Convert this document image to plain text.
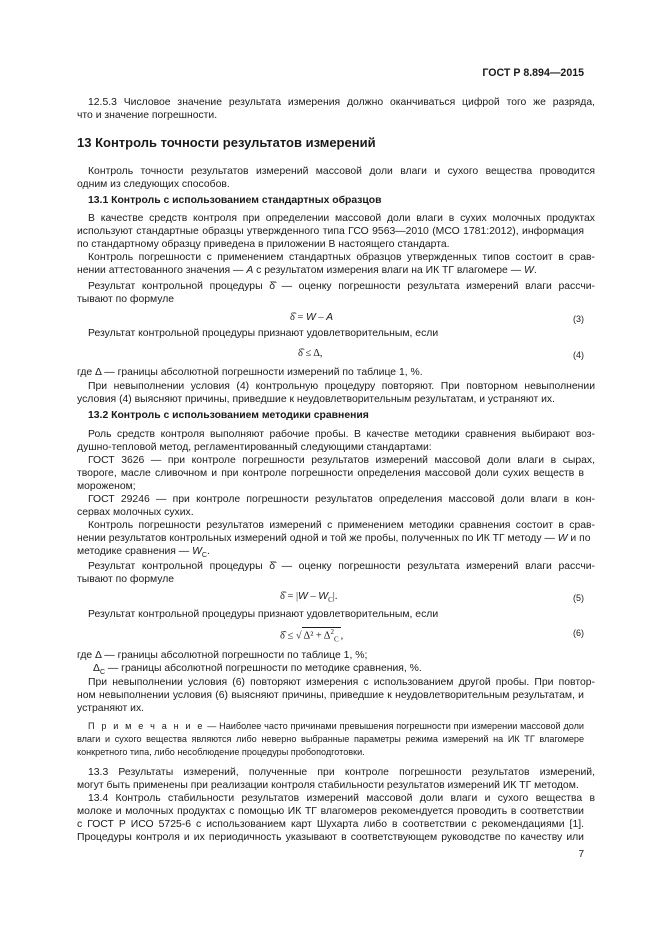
ГОСТ Р 8.894—2015
12.5.3 Числовое значение результата измерения должно оканчиваться цифрой того же разряда,
что и значение погрешности.
13 Контроль точности результатов измерений
Контроль точности результатов измерений массовой доли влаги и сухого вещества проводится
одним из следующих способов.
13.1 Контроль с использованием стандартных образцов
В качестве средств контроля при определении массовой доли влаги в сухих молочных продуктах
используют стандартные образцы утвержденного типа ГСО 9563—2010 (МСО 1781:2012), информация
по стандартному образцу приведена в приложении В настоящего стандарта.
Контроль погрешности с применением стандартных образцов утвержденных типов состоит в срав-
нении аттестованного значения — A с результатом измерения влаги на ИК ТГ влагомере — W.
Результат контрольной процедуры δ̂ — оценку погрешности результата измерений влаги рассчи-
тывают по формуле
δ̂ = W – A	(3)
Результат контрольной процедуры признают удовлетворительным, если
δ̂ ≤ Δ,	(4)
где Δ — границы абсолютной погрешности измерений по таблице 1, %.
При невыполнении условия (4) контрольную процедуру повторяют. При повторном невыполнении
условия (4) выясняют причины, приведшие к неудовлетворительным результатам, и устраняют их.
13.2 Контроль с использованием методики сравнения
Роль средств контроля выполняют рабочие пробы. В качестве методики сравнения выбирают воз-
душно-тепловой метод, регламентированный следующими стандартами:
ГОСТ 3626 — при контроле погрешности результатов измерений массовой доли влаги в сырах,
твороге, масле сливочном и при контроле погрешности определения массовой доли сухих веществ в
мороженом;
ГОСТ 29246 — при контроле погрешности результатов определения массовой доли влаги в кон-
сервах молочных сухих.
Контроль погрешности результатов измерений с применением методики сравнения состоит в срав-
нении результатов контрольных измерений одной и той же пробы, полученных по ИК ТГ методу — W и по
методике сравнения — $W_C$.
Результат контрольной процедуры δ̂ — оценку погрешности результата измерений влаги рассчи-
тывают по формуле
δ̂ = $|W - W_C|$.	(5)
Результат контрольной процедуры признают удовлетворительным, если
δ̂ ≤ √ $\Delta^2 + \Delta^2_C$ ,	(6)
где Δ — границы абсолютной погрешности по таблице 1, %;
$\Delta_C$ — границы абсолютной погрешности по методике сравнения, %.
При невыполнении условия (6) повторяют измерения с использованием другой пробы. При повтор-
ном невыполнении условия (6) выясняют причины, приведшие к неудовлетворительным результатам, и
устраняют их.
П р и м е ч а н и е — Наиболее часто причинами превышения погрешности при измерении массовой доли
влаги и сухого вещества являются либо неверно выбранные параметры режима измерений на ИК ТГ влагомере
конкретного типа, либо несоблюдение процедуры пробоподготовки.
13.3 Результаты измерений, полученные при контроле погрешности результатов измерений,
могут быть применены при реализации контроля стабильности результатов измерений ИК ТГ методом.
13.4 Контроль стабильности результатов измерений массовой доли влаги и сухого вещества в
молоке и молочных продуктах с помощью ИК ТГ влагомеров рекомендуется проводить в соответствии
с ГОСТ Р ИСО 5725-6 с использованием карт Шухарта либо в соответствии с рекомендациями [1].
Процедуры контроля и их периодичность указывают в соответствующем руководстве по качеству или
7
